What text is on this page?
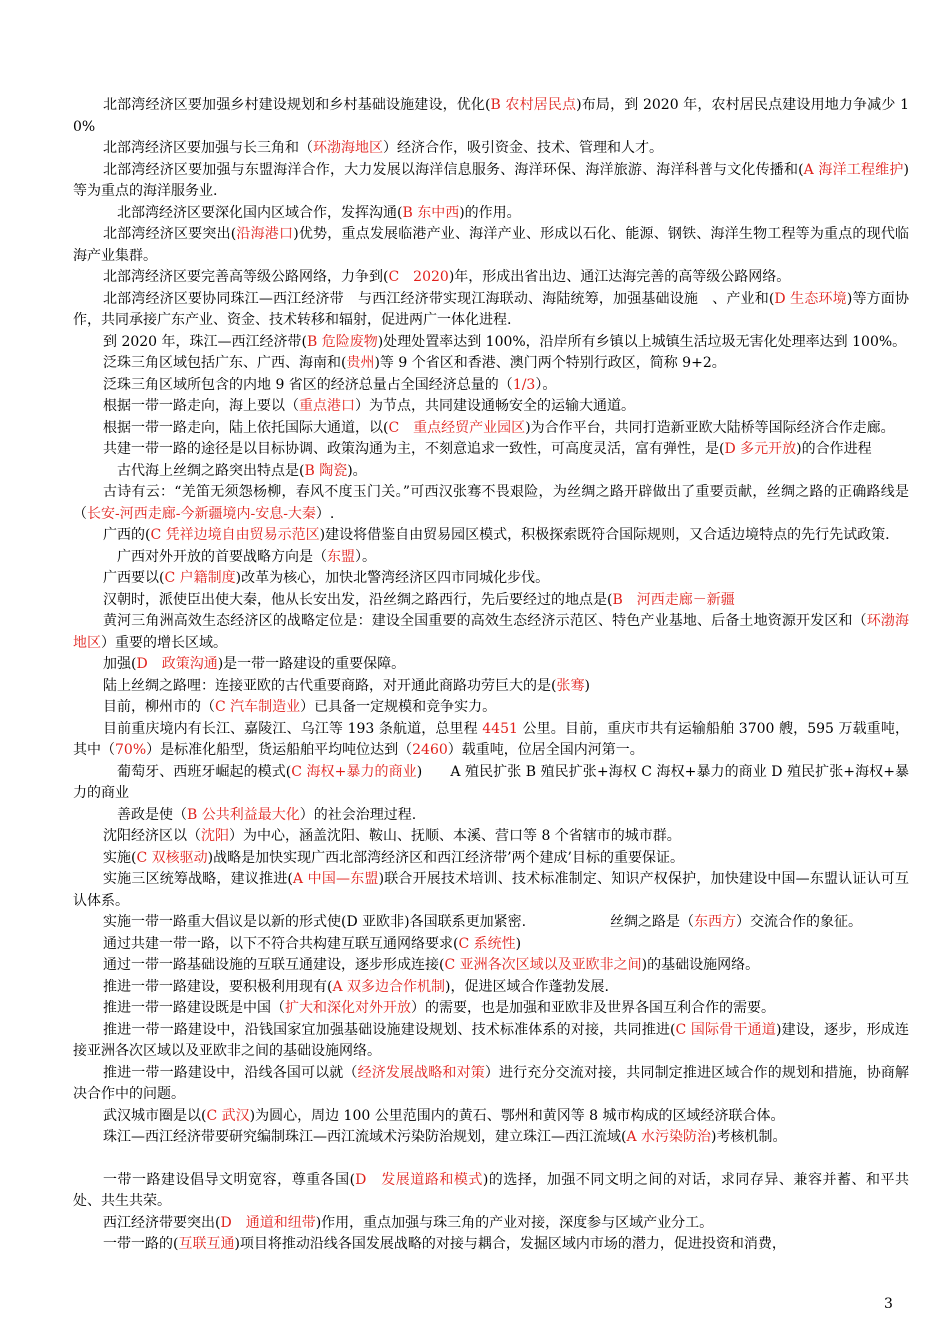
北部湾经济区要加强乡村建设规划和乡村基础设施建设，优化(B 农村居民点)布局，到 2020 年，农村居民点建设用地力争减少 10%

北部湾经济区要加强与长三角和（环渤海地区）经济合作，吸引资金、技术、管理和人才。

北部湾经济区要加强与东盟海洋合作，大力发展以海洋信息服务、海洋环保、海洋旅游、海洋科普与文化传播和(A 海洋工程维护)等为重点的海洋服务业.

北部湾经济区要深化国内区域合作，发挥沟通(B 东中西)的作用。

北部湾经济区要突出(沿海港口)优势，重点发展临港产业、海洋产业、形成以石化、能源、钢铁、海洋生物工程等为重点的现代临海产业集群。

北部湾经济区要完善高等级公路网络，力争到(C　2020)年，形成出省出边、通江达海完善的高等级公路网络。

北部湾经济区要协同珠江—西江经济带　与西江经济带实现江海联动、海陆统筹，加强基础设施　、产业和(D 生态环境)等方面协作，共同承接广东产业、资金、技术转移和辐射，促进两广一体化进程.

到 2020 年，珠江—西江经济带(B 危险废物)处理处置率达到 100%，沿岸所有乡镇以上城镇生活垃圾无害化处理率达到 100%。

泛珠三角区域包括广东、广西、海南和(贵州)等 9 个省区和香港、澳门两个特别行政区，简称 9+2。

泛珠三角区域所包含的内地 9 省区的经济总量占全国经济总量的（1/3）。

根据一带一路走向，海上要以（重点港口）为节点，共同建设通畅安全的运输大通道。

根据一带一路走向，陆上依托国际大通道，以(C　重点经贸产业园区)为合作平台，共同打造新亚欧大陆桥等国际经济合作走廊。

共建一带一路的途径是以目标协调、政策沟通为主，不刻意追求一致性，可高度灵活，富有弹性，是(D 多元开放)的合作进程

古代海上丝绸之路突出特点是(B 陶瓷)。

古诗有云：“羌笛无须怨杨柳，春风不度玉门关。”可西汉张骞不畏艰险，为丝绸之路开辟做出了重要贡献，丝绸之路的正确路线是（长安-河西走廊-今新疆境内-安息-大秦）.

广西的(C 凭祥边境自由贸易示范区)建设将借鉴自由贸易园区模式，积极探索既符合国际规则，又合适边境特点的先行先试政策.

广西对外开放的首要战略方向是（东盟）。

广西要以(C 户籍制度)改革为核心，加快北警湾经济区四市同城化步伐。

汉朝时，派使臣出使大秦，他从长安出发，沿丝绸之路西行，先后要经过的地点是(B　河西走廊－新疆

黄河三角洲高效生态经济区的战略定位是：建设全国重要的高效生态经济示范区、特色产业基地、后备土地资源开发区和（环渤海地区）重要的增长区域。

加强(D　政策沟通)是一带一路建设的重要保障。

陆上丝绸之路哩：连接亚欧的古代重要商路，对开通此商路功劳巨大的是(张骞)

目前，柳州市的（C 汽车制造业）已具备一定规模和竞争实力。

目前重庆境内有长江、嘉陵江、乌江等 193 条航道，总里程 4451 公里。目前，重庆市共有运输船舶 3700 艘，595 万载重吨，其中（70%）是标准化船型，货运船舶平均吨位达到（2460）载重吨，位居全国内河第一。

葡萄牙、西班牙崛起的模式(C 海权+暴力的商业)　　A 殖民扩张 B 殖民扩张+海权 C 海权+暴力的商业 D 殖民扩张+海权+暴力的商业

善政是使（B 公共利益最大化）的社会治理过程.

沈阳经济区以（沈阳）为中心，涵盖沈阳、鞍山、抚顺、本溪、营口等 8 个省辖市的城市群。

实施(C 双核驱动)战略是加快实现广西北部湾经济区和西江经济带’两个建成’目标的重要保证。

实施三区统筹战略，建议推进(A 中国—东盟)联合开展技术培训、技术标准制定、知识产权保护，加快建设中国—东盟认证认可互认体系。

实施一带一路重大倡议是以新的形式使(D 亚欧非)各国联系更加紧密.　　　　　　丝绸之路是（东西方）交流合作的象征。

通过共建一带一路，以下不符合共构建互联互通网络要求(C 系统性)

通过一带一路基础设施的互联互通建设，逐步形成连接(C 亚洲各次区域以及亚欧非之间)的基础设施网络。

推进一带一路建设，要积极利用现有(A 双多边合作机制)，促进区域合作蓬勃发展.

推进一带一路建设既是中国（扩大和深化对外开放）的需要，也是加强和亚欧非及世界各国互利合作的需要。

推进一带一路建设中，沿钱国家宜加强基础设施建设规划、技术标准体系的对接，共同推进(C 国际骨干通道)建设，逐步，形成连接亚洲各次区域以及亚欧非之间的基础设施网络。

推进一带一路建设中，沿线各国可以就（经济发展战略和对策）进行充分交流对接，共同制定推进区域合作的规划和措施，协商解决合作中的问题。

武汉城市圈是以(C 武汉)为圆心，周边 100 公里范围内的黄石、鄂州和黄冈等 8 城市构成的区域经济联合体。

珠江—西江经济带要研究编制珠江—西江流域术污染防治规划，建立珠江—西江流域(A 水污染防治)考核机制。

一带一路建设倡导文明宽容，尊重各国(D　发展道路和模式)的选择，加强不同文明之间的对话，求同存异、兼容并蓄、和平共处、共生共荣。

西江经济带要突出(D　通道和纽带)作用，重点加强与珠三角的产业对接，深度参与区域产业分工。

一带一路的(互联互通)项目将推动沿线各国发展战略的对接与耦合，发掘区域内市场的潜力，促进投资和消费，

3
